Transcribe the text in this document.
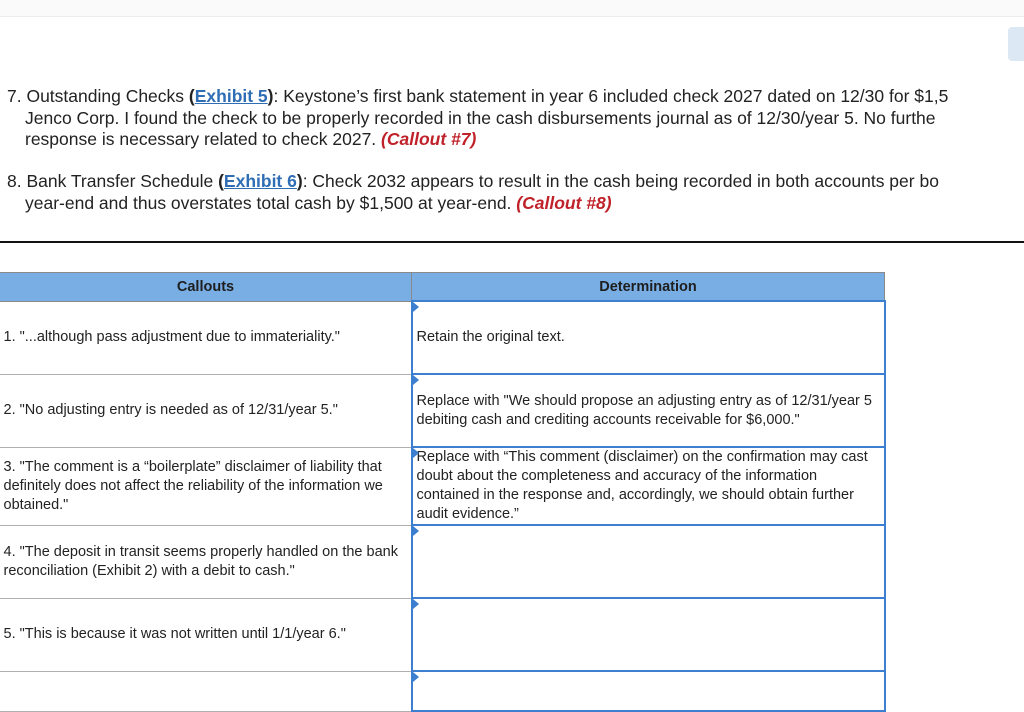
7. Outstanding Checks (Exhibit 5): Keystone’s first bank statement in year 6 included check 2027 dated on 12/30 for $1,5
Jenco Corp. I found the check to be properly recorded in the cash disbursements journal as of 12/30/year 5. No furthe
response is necessary related to check 2027. (Callout #7)
8. Bank Transfer Schedule (Exhibit 6): Check 2032 appears to result in the cash being recorded in both accounts per bo
year-end and thus overstates total cash by $1,500 at year-end. (Callout #8)
Callouts	Determination
1. "...although pass adjustment due to immateriality."	Retain the original text.
2. "No adjusting entry is needed as of 12/31/year 5."	Replace with "We should propose an adjusting entry as of 12/31/year 5 debiting cash and crediting accounts receivable for $6,000."
3. "The comment is a “boilerplate” disclaimer of liability that definitely does not affect the reliability of the information we obtained."	Replace with “This comment (disclaimer) on the confirmation may cast doubt about the completeness and accuracy of the information contained in the response and, accordingly, we should obtain further audit evidence.”
4. "The deposit in transit seems properly handled on the bank reconciliation (Exhibit 2) with a debit to cash."	

5. "This is because it was not written until 1/1/year 6."	
